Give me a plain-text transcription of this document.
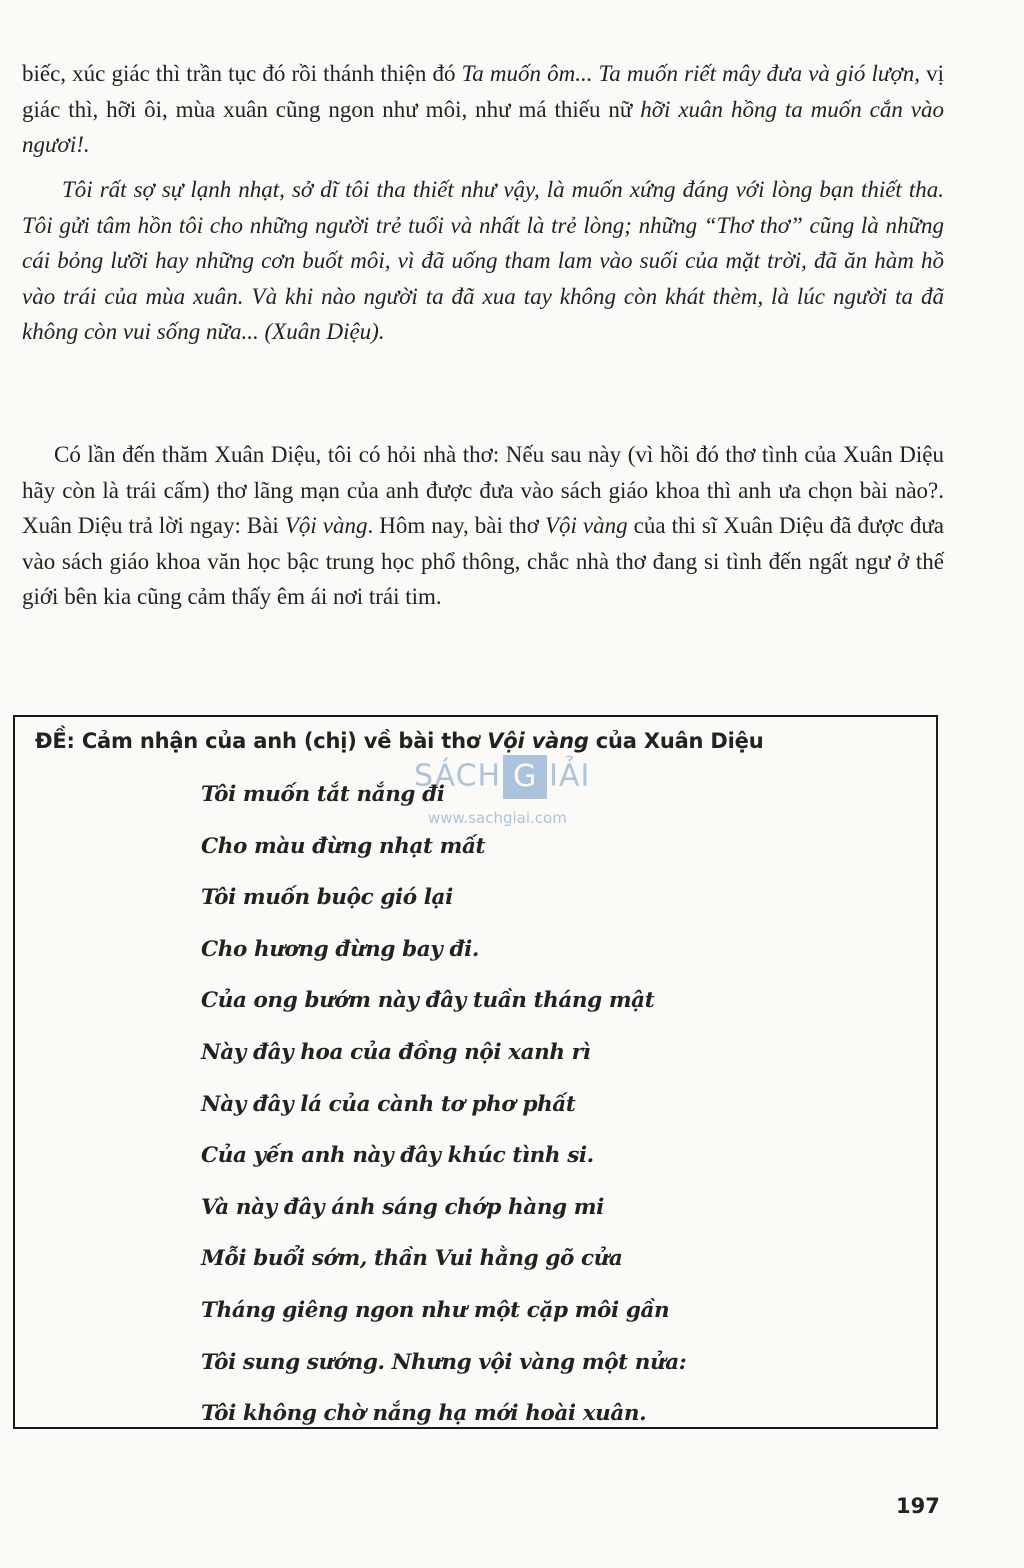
biếc, xúc giác thì trần tục đó rồi thánh thiện đó Ta muốn ôm... Ta muốn riết mây đưa và gió lượn, vị giác thì, hỡi ôi, mùa xuân cũng ngon như môi, như má thiếu nữ hỡi xuân hồng ta muốn cắn vào ngươi!.

Tôi rất sợ sự lạnh nhạt, sở dĩ tôi tha thiết như vậy, là muốn xứng đáng với lòng bạn thiết tha. Tôi gửi tâm hồn tôi cho những người trẻ tuổi và nhất là trẻ lòng; những “Thơ thơ” cũng là những cái bỏng lưỡi hay những cơn buốt môi, vì đã uống tham lam vào suối của mặt trời, đã ăn hàm hồ vào trái của mùa xuân. Và khi nào người ta đã xua tay không còn khát thèm, là lúc người ta đã không còn vui sống nữa... (Xuân Diệu).

Có lần đến thăm Xuân Diệu, tôi có hỏi nhà thơ: Nếu sau này (vì hồi đó thơ tình của Xuân Diệu hãy còn là trái cấm) thơ lãng mạn của anh được đưa vào sách giáo khoa thì anh ưa chọn bài nào?. Xuân Diệu trả lời ngay: Bài Vội vàng. Hôm nay, bài thơ Vội vàng của thi sĩ Xuân Diệu đã được đưa vào sách giáo khoa văn học bậc trung học phổ thông, chắc nhà thơ đang si tình đến ngất ngư ở thế giới bên kia cũng cảm thấy êm ái nơi trái tim.

ĐỀ: Cảm nhận của anh (chị) về bài thơ Vội vàng của Xuân Diệu
Tôi muốn tắt nắng đi
Cho màu đừng nhạt mất
Tôi muốn buộc gió lại
Cho hương đừng bay đi.
Của ong bướm này đây tuần tháng mật
Này đây hoa của đồng nội xanh rì
Này đây lá của cành tơ phơ phất
Của yến anh này đây khúc tình si.
Và này đây ánh sáng chớp hàng mi
Mỗi buổi sớm, thần Vui hằng gõ cửa
Tháng giêng ngon như một cặp môi gần
Tôi sung sướng. Nhưng vội vàng một nửa:
Tôi không chờ nắng hạ mới hoài xuân.
SÁCH G IẢI
www.sachgiai.com
197
